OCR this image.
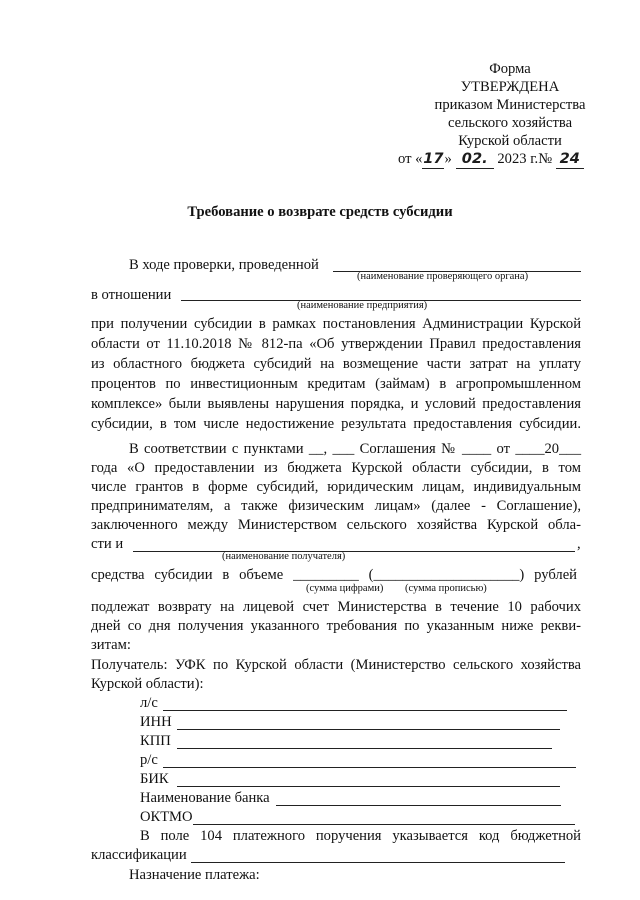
Форма
УТВЕРЖДЕНА
приказом Министерства
сельского хозяйства
Курской области
от «17» 02. 2023 г.№ 24
Требование о возврате средств субсидии
В ходе проверки, проведенной
(наименование проверяющего органа)
в отношении
(наименование предприятия)
при получении субсидии в рамках постановления Администрации Курской
области от 11.10.2018 № 812-па «Об утверждении Правил предоставления
из областного бюджета субсидий на возмещение части затрат на уплату
процентов по инвестиционным кредитам (займам) в агропромышленном
комплексе» были выявлены нарушения порядка, и условий предоставления
субсидии, в том числе недостижение результата предоставления субсидии.
В соответствии с пунктами __, ___ Соглашения № ____ от ____20___
года «О предоставлении из бюджета Курской области субсидии, в том
числе грантов в форме субсидий, юридическим лицам, индивидуальным
предпринимателям, а также физическим лицам» (далее - Соглашение),
заключенного между Министерством сельского хозяйства Курской обла-
сти и	,
(наименование получателя)
средства субсидии в объеме _________ (____________________) рублей
(сумма цифрами) (сумма прописью)
подлежат возврату на лицевой счет Министерства в течение 10 рабочих
дней со дня получения указанного требования по указанным ниже рекви-
зитам:
Получатель: УФК по Курской области (Министерство сельского хозяйства
Курской области):
л/с
ИНН
КПП
р/с
БИК
Наименование банка
ОКТМО
В поле 104 платежного поручения указывается код бюджетной
классификации
Назначение платежа:
